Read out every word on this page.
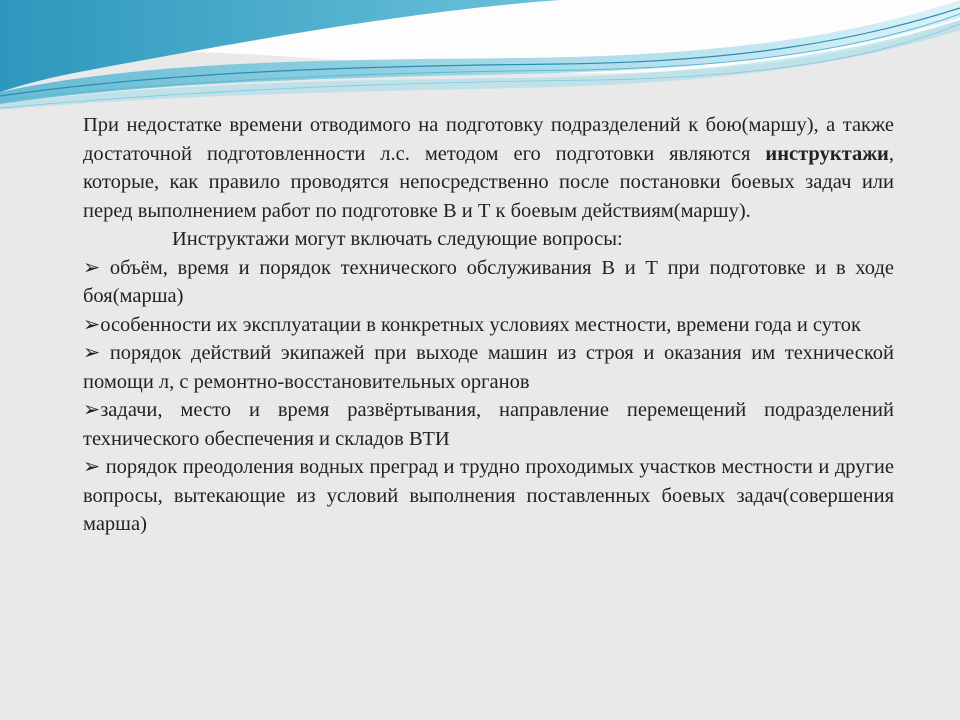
При недостатке времени отводимого на подготовку подразделений к бою(маршу), а также достаточной подготовленности л.с. методом его подготовки являются инструктажи, которые, как правило проводятся непосредственно после постановки боевых задач или перед выполнением работ по подготовке В и Т к боевым действиям(маршу).

Инструктажи могут включать следующие вопросы:

➢ объём, время и порядок технического обслуживания В и Т при подготовке и в ходе боя(марша)

➢особенности их эксплуатации в конкретных условиях местности, времени года и суток

➢ порядок действий экипажей при выходе машин из строя и оказания им технической помощи л, с ремонтно-восстановительных органов

➢задачи, место и время развёртывания, направление перемещений подразделений технического обеспечения и складов ВТИ

➢ порядок преодоления водных преград и трудно проходимых участков местности и другие вопросы, вытекающие из условий выполнения поставленных боевых задач(совершения марша)
